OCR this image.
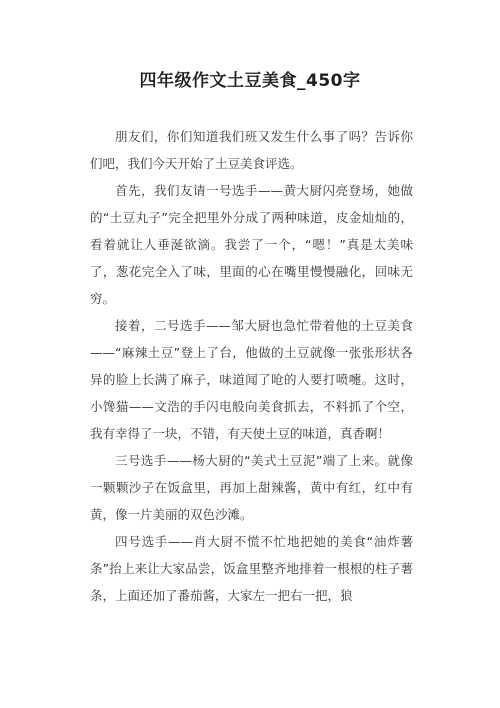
四年级作文土豆美食_450字

朋友们，你们知道我们班又发生什么事了吗？告诉你们吧，我们今天开始了土豆美食评选。

首先，我们友请一号选手——黄大厨闪亮登场，她做的“土豆丸子”完全把里外分成了两种味道，皮金灿灿的，看着就让人垂涎欲滴。我尝了一个，“嗯！”真是太美味了，葱花完全入了味，里面的心在嘴里慢慢融化，回味无穷。

接着，二号选手——邹大厨也急忙带着他的土豆美食——“麻辣土豆”登上了台，他做的土豆就像一张张形状各异的脸上长满了麻子，味道闻了呛的人要打喷嚏。这时，小馋猫——文浩的手闪电般向美食抓去，不料抓了个空，我有幸得了一块，不错，有天使土豆的味道，真香啊！

三号选手——杨大厨的“美式土豆泥”端了上来。就像一颗颗沙子在饭盒里，再加上甜辣酱，黄中有红，红中有黄，像一片美丽的双色沙滩。

四号选手——肖大厨不慌不忙地把她的美食“油炸薯条”抬上来让大家品尝，饭盒里整齐地排着一根根的柱子薯条，上面还加了番茄酱，大家左一把右一把，狼
